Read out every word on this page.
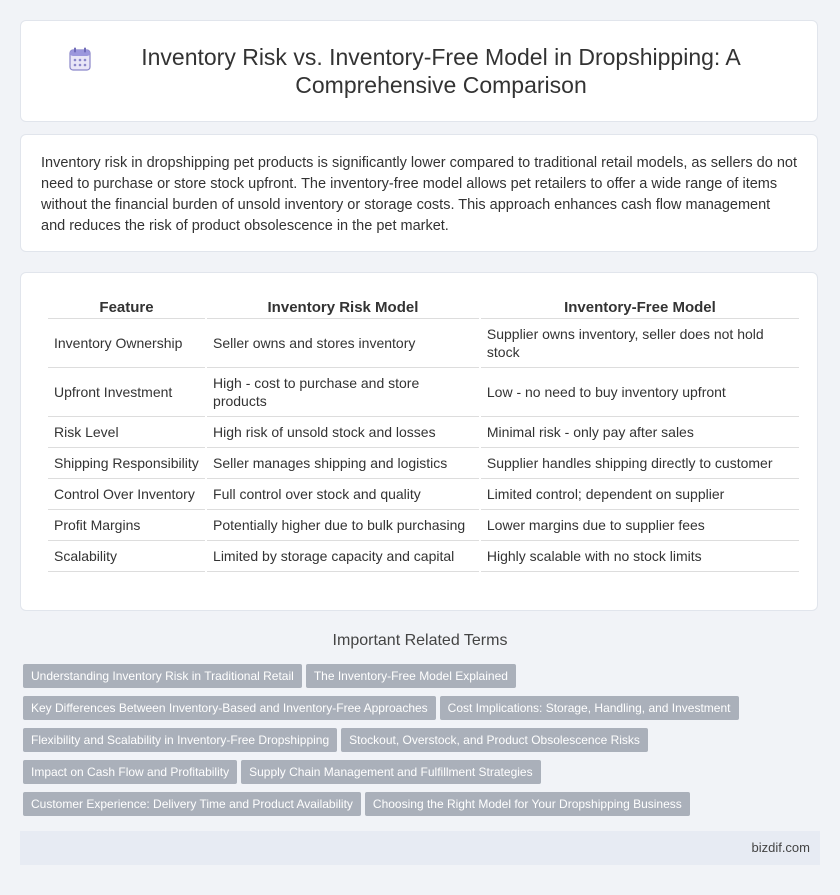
Inventory Risk vs. Inventory-Free Model in Dropshipping: A Comprehensive Comparison

Inventory risk in dropshipping pet products is significantly lower compared to traditional retail models, as sellers do not need to purchase or store stock upfront. The inventory-free model allows pet retailers to offer a wide range of items without the financial burden of unsold inventory or storage costs. This approach enhances cash flow management and reduces the risk of product obsolescence in the pet market.

Feature	Inventory Risk Model	Inventory-Free Model
Inventory Ownership	Seller owns and stores inventory	Supplier owns inventory, seller does not hold stock
Upfront Investment	High - cost to purchase and store products	Low - no need to buy inventory upfront
Risk Level	High risk of unsold stock and losses	Minimal risk - only pay after sales
Shipping Responsibility	Seller manages shipping and logistics	Supplier handles shipping directly to customer
Control Over Inventory	Full control over stock and quality	Limited control; dependent on supplier
Profit Margins	Potentially higher due to bulk purchasing	Lower margins due to supplier fees
Scalability	Limited by storage capacity and capital	Highly scalable with no stock limits
Important Related Terms
Understanding Inventory Risk in Traditional Retail The Inventory-Free Model Explained
Key Differences Between Inventory-Based and Inventory-Free Approaches Cost Implications: Storage, Handling, and Investment
Flexibility and Scalability in Inventory-Free Dropshipping Stockout, Overstock, and Product Obsolescence Risks
Impact on Cash Flow and Profitability Supply Chain Management and Fulfillment Strategies
Customer Experience: Delivery Time and Product Availability Choosing the Right Model for Your Dropshipping Business
bizdif.com
